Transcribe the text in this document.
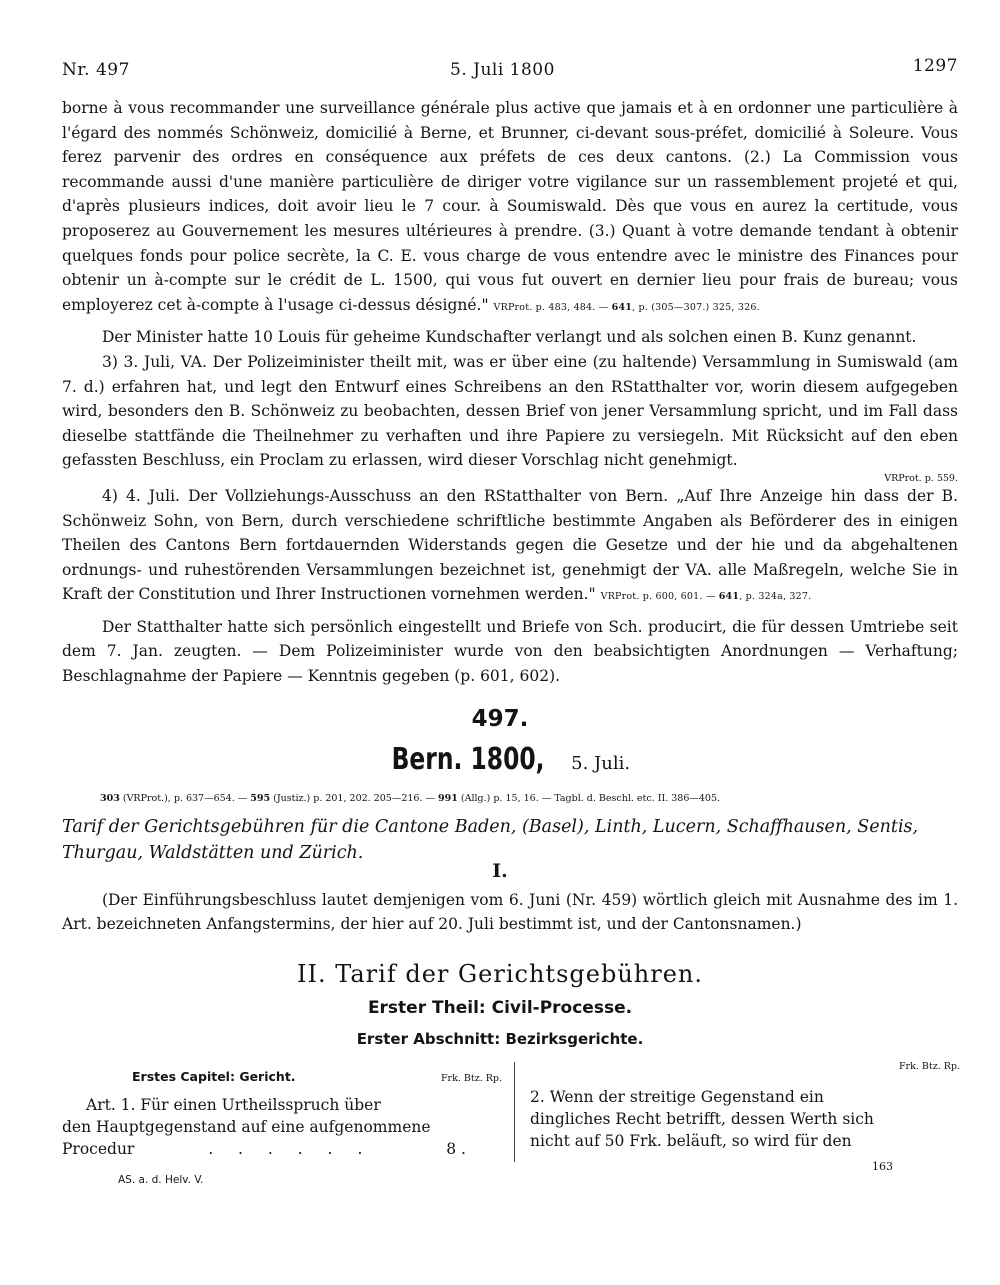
Nr. 497	5. Juli 1800	1297

borne à vous recommander une surveillance générale plus active que jamais et à en ordonner une particulière à l'égard des nommés Schönweiz, domicilié à Berne, et Brunner, ci-devant sous-préfet, domicilié à Soleure. Vous ferez parvenir des ordres en conséquence aux préfets de ces deux cantons. (2.) La Commission vous recommande aussi d'une manière particulière de diriger votre vigilance sur un rassemblement projeté et qui, d'après plusieurs indices, doit avoir lieu le 7 cour. à Soumiswald. Dès que vous en aurez la certitude, vous proposerez au Gouvernement les mesures ultérieures à prendre. (3.) Quant à votre demande tendant à obtenir quelques fonds pour police secrète, la C. E. vous charge de vous entendre avec le ministre des Finances pour obtenir un à-compte sur le crédit de L. 1500, qui vous fut ouvert en dernier lieu pour frais de bureau; vous employerez cet à-compte à l'usage ci-dessus désigné." VRProt. p. 483, 484. — 641, p. (305—307.) 325, 326.

Der Minister hatte 10 Louis für geheime Kundschafter verlangt und als solchen einen B. Kunz genannt.

3) 3. Juli, VA. Der Polizeiminister theilt mit, was er über eine (zu haltende) Versammlung in Sumiswald (am 7. d.) erfahren hat, und legt den Entwurf eines Schreibens an den RStatthalter vor, worin diesem aufgegeben wird, besonders den B. Schönweiz zu beobachten, dessen Brief von jener Versammlung spricht, und im Fall dass dieselbe stattfände die Theilnehmer zu verhaften und ihre Papiere zu versiegeln. Mit Rücksicht auf den eben gefassten Beschluss, ein Proclam zu erlassen, wird dieser Vorschlag nicht genehmigt.

VRProt. p. 559.

4) 4. Juli. Der Vollziehungs-Ausschuss an den RStatthalter von Bern. „Auf Ihre Anzeige hin dass der B. Schönweiz Sohn, von Bern, durch verschiedene schriftliche bestimmte Angaben als Beförderer des in einigen Theilen des Cantons Bern fortdauernden Widerstands gegen die Gesetze und der hie und da abgehaltenen ordnungs- und ruhestörenden Versammlungen bezeichnet ist, genehmigt der VA. alle Maßregeln, welche Sie in Kraft der Constitution und Ihrer Instructionen vornehmen werden." VRProt. p. 600, 601. — 641, p. 324a, 327.

Der Statthalter hatte sich persönlich eingestellt und Briefe von Sch. producirt, die für dessen Umtriebe seit dem 7. Jan. zeugten. — Dem Polizeiminister wurde von den beabsichtigten Anordnungen — Verhaftung; Beschlagnahme der Papiere — Kenntnis gegeben (p. 601, 602).

497.
Bern. 1800, 5. Juli.
303 (VRProt.), p. 637—654. — 595 (Justiz.) p. 201, 202. 205—216. — 991 (Allg.) p. 15, 16. — Tagbl. d. Beschl. etc. II. 386—405.
Tarif der Gerichtsgebühren für die Cantone Baden, (Basel), Linth, Lucern, Schaffhausen, Sentis, Thurgau, Waldstätten und Zürich.
I.

(Der Einführungsbeschluss lautet demjenigen vom 6. Juni (Nr. 459) wörtlich gleich mit Ausnahme des im 1. Art. bezeichneten Anfangstermins, der hier auf 20. Juli bestimmt ist, und der Cantonsnamen.)

II. Tarif der Gerichtsgebühren.
Erster Theil: Civil-Processe.
Erster Abschnitt: Bezirksgerichte.
Erstes Capitel: Gericht.	Frk. Btz. Rp.
Art. 1. Für einen Urtheilsspruch über
den Hauptgegenstand auf eine aufgenommene
Procedur	. . . . . .	8 .
Frk. Btz. Rp.
2. Wenn der streitige Gegenstand ein
dingliches Recht betrifft, dessen Werth sich
nicht auf 50 Frk. beläuft, so wird für den
AS. a. d. Helv. V.
163
